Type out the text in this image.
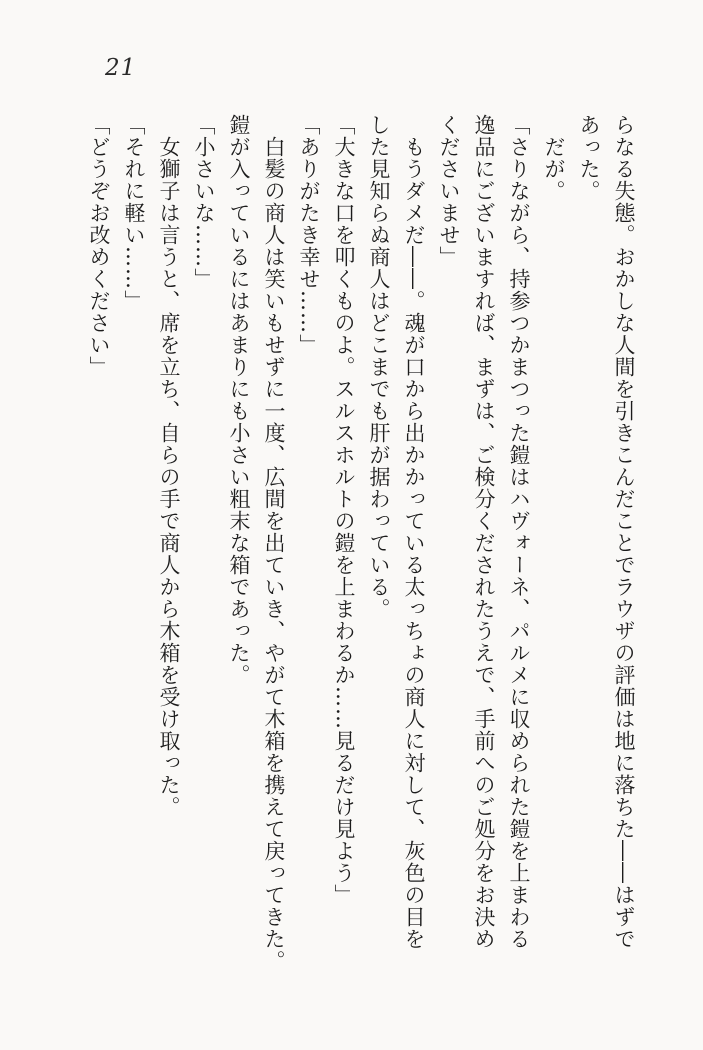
21
らなる失態。おかしな人間を引きこんだことでラウザの評価は地に落ちた――はずで
あった。
　だが。
「さりながら、持参つかまつった鎧はハヴォーネ、パルメに収められた鎧を上まわる
逸品にございますれば、まずは、ご検分くだされたうえで、手前へのご処分をお決め
くださいませ」
　もうダメだ――。魂が口から出かかっている太っちょの商人に対して、灰色の目を
した見知らぬ商人はどこまでも肝が据わっている。
「大きな口を叩くものよ。スルスホルトの鎧を上まわるか……見るだけ見よう」
「ありがたき幸せ……」
　白髪の商人は笑いもせずに一度、広間を出ていき、やがて木箱を携えて戻ってきた。
鎧が入っているにはあまりにも小さい粗末な箱であった。
「小さいな……」
　女獅子は言うと、席を立ち、自らの手で商人から木箱を受け取った。
「それに軽い……」
「どうぞお改めください」
